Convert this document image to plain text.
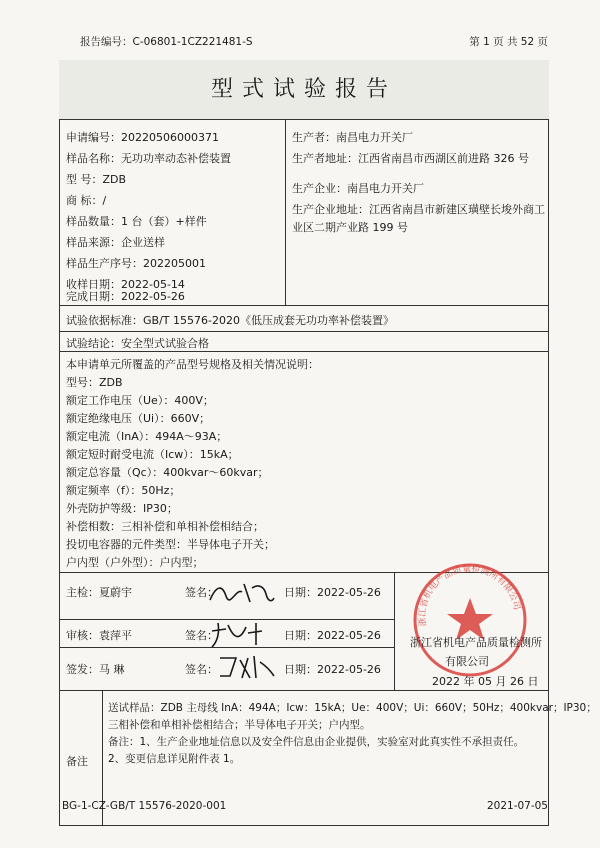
报告编号：C-06801-1CZ221481-S	第 1 页 共 52 页
型式试验报告
申请编号：20220506000371
样品名称：无功功率动态补偿装置
型 号：ZDB
商 标：/
样品数量：1 台（套）+样件
样品来源：企业送样
样品生产序号：202205001
收样日期：2022-05-14
完成日期：2022-05-26
生产者：南昌电力开关厂
生产者地址：江西省南昌市西湖区前进路 326 号
生产企业：南昌电力开关厂
生产企业地址：江西省南昌市新建区璜壁长埈外商工
业区二期产业路 199 号
试验依据标准：GB/T 15576-2020《低压成套无功功率补偿装置》
试验结论：安全型式试验合格
本申请单元所覆盖的产品型号规格及相关情况说明：
型号：ZDB
额定工作电压（Ue）：400V；
额定绝缘电压（Ui）：660V；
额定电流（InA）：494A～93A；
额定短时耐受电流（Icw）：15kA；
额定总容量（Qc）：400kvar～60kvar；
额定频率（f）：50Hz；
外壳防护等级：IP30；
补偿相数：三相补偿和单相补偿相结合；
投切电容器的元件类型：半导体电子开关；
户内型（户外型）：户内型；
主检：夏蔚宇	签名：	日期：2022-05-26
审核：袁萍平	签名：	日期：2022-05-26
签发：马 琳	签名：	日期：2022-05-26
浙江省机电产品质量检测所有限公司
浙江省机电产品质量检测所
有限公司
2022 年 05 月 26 日
备注
送试样品：ZDB 主母线 InA：494A；Icw：15kA；Ue：400V；Ui：660V；50Hz；400kvar；IP30；
三相补偿和单相补偿相结合；半导体电子开关；户内型。
备注：1、生产企业地址信息以及安全件信息由企业提供，实验室对此真实性不承担责任。
2、变更信息详见附件表 1。
BG-1-CZ-GB/T 15576-2020-001	2021-07-05
